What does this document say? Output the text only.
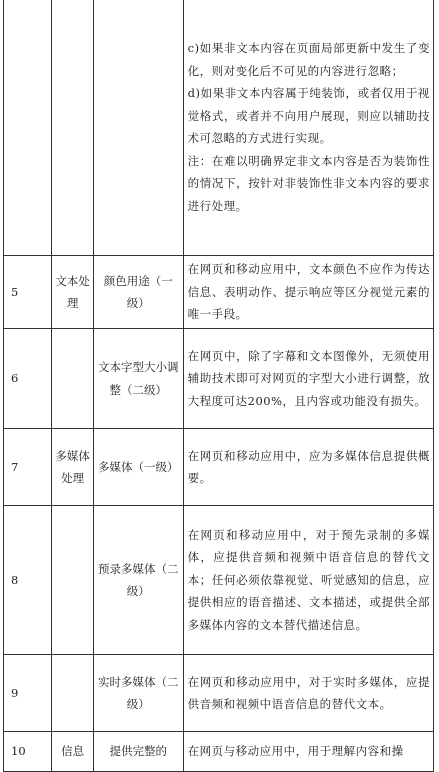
			c)如果非文本内容在页面局部更新中发生了变化，则对变化后不可见的内容进行忽略；

d)如果非文本内容属于纯装饰，或者仅用于视觉格式，或者并不向用户展现，则应以辅助技术可忽略的方式进行实现。

注：在难以明确界定非文本内容是否为装饰性的情况下，按针对非装饰性非文本内容的要求进行处理。

5	文本处理	颜色用途（一级）	在网页和移动应用中，文本颜色不应作为传达信息、表明动作、提示响应等区分视觉元素的唯一手段。

6		文本字型大小调整（二级）	在网页中，除了字幕和文本图像外，无须使用辅助技术即可对网页的字型大小进行调整，放大程度可达200%，且内容或功能没有损失。

7	多媒体处理	多媒体（一级）	在网页和移动应用中，应为多媒体信息提供概要。

8		预录多媒体（二级）	在网页和移动应用中，对于预先录制的多媒体，应提供音频和视频中语音信息的替代文本；任何必须依靠视觉、听觉感知的信息，应提供相应的语音描述、文本描述，或提供全部多媒体内容的文本替代描述信息。

9		实时多媒体（二级）	在网页和移动应用中，对于实时多媒体，应提供音频和视频中语音信息的替代文本。

10	信息	提供完整的	在网页与移动应用中，用于理解内容和操
